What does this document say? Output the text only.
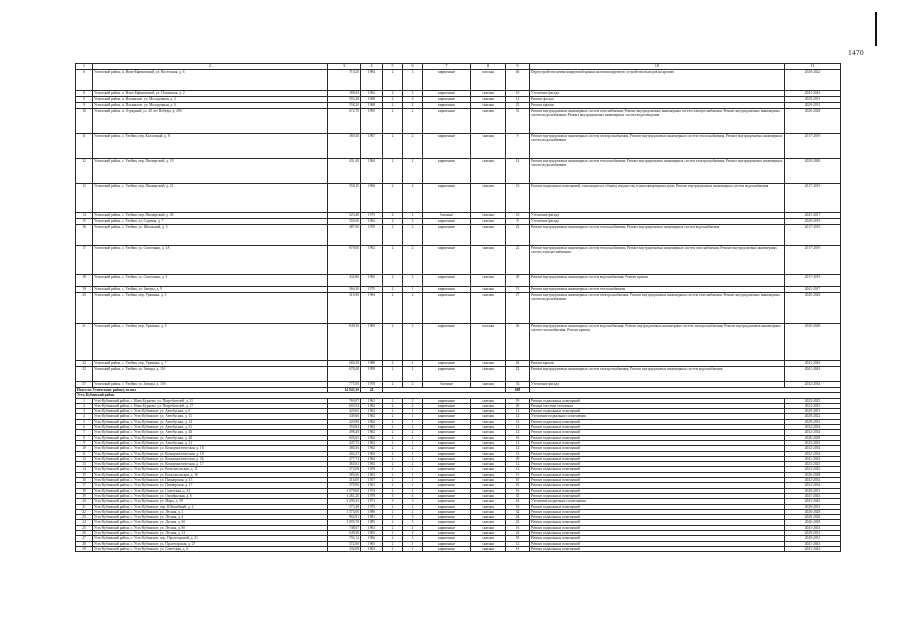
1470
1	2	3	4	5	6	7	8	9	10	11
6	Угличский район, п. Ново-Ефимовский, ул. Восточная, д. 6	710,20	1984	2	3	кирпичные	плоская	40	Переустройство невентилируемой крыши на вентилируемую, устройство выходов на кровлю	2020-2022
8	Угличский район, п. Ново-Ефимовский, ул. Полянская, д. 2	388,45	1962	2	2	кирпичные	скатная	16	Утепление фасада	2041-2043
9	Угличский район, п. Ильинское, ул. Молодежная, д. 2	593,20	1968	2	3	кирпичные	скатная	12	Ремонт фасада	2029-2031
9	Угличский район, п. Ильинское, ул. Молодежная, д. 6	558,20	1968	2	2	кирпичные	скатная	25	Ремонт крыши	2029-2031
10	Угличский район, п. Отрадный, ул. 40 лет Победы, д. 29б	672,70	1995	2	2	кирпичные	скатная	31	Ремонт внутридомовых инженерных систем газоснабжения; Ремонт внутридомовых инженерных систем электроснабжения; Ремонт внутридомовых инженерных систем водоснабжения; Ремонт внутридомовых инженерных систем водоотведения	2026-2028
11	Угличский район, с. Улейма, пер. Колхозный, д. 8	369,30	1967	2	2	кирпичные	скатная	9	Ремонт внутридомовых инженерных систем электроснабжения; Ремонт внутридомовых инженерных систем теплоснабжения; Ремонт внутридомовых инженерных систем водоснабжения	2017-2019
12	Угличский район, с. Улейма, пер. Пионерский, д. 19	431,40	1984	2	2	кирпичные	скатная	14	Ремонт внутридомовых инженерных систем теплоснабжения; Ремонт внутридомовых инженерных систем электроснабжения; Ремонт внутридомовых инженерных систем водоснабжения	2020-2040
13	Угличский район, с. Улейма, пер. Пионерский, д. 21	358,10	1966	2	2	кирпичные	скатная	10	Ремонт подвальных помещений, относящихся к общему имуществу в многоквартирном доме; Ремонт внутридомовых инженерных систем водоснабжения	2017-2019
14	Угличский район, с. Улейма, пер. Пионерский, д. 30	323,40	1975	2	1	блочные	скатная	16	Утепление фасада	2041-2017
15	Угличский район, с. Улейма, ул. Садовая, д. 7	350,50	1962	2	2	кирпичные	скатная	8	Утепление фасада	2020-2019
16	Угличский район, с. Улейма, ул. Школьный, д. 5	487,00	1970	2	2	кирпичные	скатная	22	Ремонт внутридомовых инженерных систем теплоснабжения; Ремонт внутридомовых инженерных систем водоснабжения	2017-2019
17	Угличский район, с. Улейма, ул. Спасенная, д. 1А	879,00	1962	2	2	кирпичные	скатная	22	Ремонт внутридомовых инженерных систем теплоснабжения; Ремонт внутридомовых инженерных систем газоснабжения; Ремонт внутридомовых инженерных систем электроснабжения	2017-2019
18	Угличский район, с. Улейма, ул. Спасенная, д. 3	432,80	1965	2	2	кирпичные	скатная	30	Ремонт внутридомовых инженерных систем водоснабжения; Ремонт крыши	2017-2019
19	Угличский район, с. Улейма, ул. Заводы, д. 9	366,30	1970	2	1	кирпичные	скатная	13	Ремонт внутридомовых инженерных систем теплоснабжения	2041-2017
20	Угличский район, с. Улейма, пер. Уржинка, д. 3	316,90	1984	2	2	кирпичные	скатная	27	Ремонт внутридомовых инженерных систем электроснабжения; Ремонт внутридомовых инженерных систем газоснабжения; Ремонт внутридомовых инженерных систем водоснабжения	2020-2028
21	Угличский район, с. Улейма, пер. Уржинка, д. 5	849,30	1985	2	3	кирпичные	плоская	26	Ремонт внутридомовых инженерных систем водоснабжения; Ремонт внутридомовых инженерных систем электроснабжения; Ремонт внутридомовых инженерных систем газоснабжения; Ремонт крыши	2020-2028
22	Угличский район, с. Улейма, пер. Уржинка, д. 7	684,50	1989	2	2	кирпичные	скатная	44	Ремонт крыши	2041-2043
23	Угличский район, с. Улейма, ул. Заводы, д. 11б	678,40	1999	2	2	кирпичные	скатная	22	Ремонт внутридомовых инженерных систем электроснабжения; Ремонт внутридомовых инженерных систем водоснабжения	2041-2043
37	Угличский район, с. Улейма, ул. Заводы, д. 15б	775,00	1970	2	2	блочные	скатная	33	Утепление фасада	2032-2034
Итого по Угличскому району, из них		14 845,30	24					608		
Усть-Кубинский район										
1	Усть-Кубинский район, с. Ново-Бурково, ул. Потребителей, д. 11	769,97	1961	2	2	кирпичные	скатная	19	Ремонт подвальных помещений	2023-2025
2	Усть-Кубинский район, с. Ново-Бурково, ул. Потребителей, д. 17	603,54	1962	2	2	кирпичные	скатная	20	Ремонт системы отопления	2023-2025
3	Усть-Кубинский район, с. Усть-Кубинское, ул. Автобусная, д. 6	429,65	1962	2	1	кирпичные	скатная	12	Ремонт подвальных помещений	2029-2031
4	Усть-Кубинский район, с. Усть-Кубинское, ул. Автобусная, д. 11	349,66	1962	2	1	кирпичные	скатная	12	Утепление подвального помещения	2020-2022
5	Усть-Кубинский район, с. Усть-Кубинское, ул. Автобусная, д. 14	420,99	1962	2	1	кирпичные	скатная	12	Ремонт подвальных помещений	2029-2031
6	Усть-Кубинский район, с. Усть-Кубинское, ул. Автобусная, д. 21	350,84	1963	2	2	кирпичные	скатная	12	Ремонт подвальных помещений	2032-2034
7	Усть-Кубинский район, с. Усть-Кубинское, ул. Автобусная, д. 26	498,49	1962	2	2	кирпичные	скатная	12	Ремонт подвальных помещений	2032-2034
8	Усть-Кубинский район, с. Усть-Кубинское, ул. Автобусная, д. 28	605,65	1962	2	2	кирпичные	скатная	16	Ремонт подвальных помещений	2026-2028
9	Усть-Кубинский район, с. Усть-Кубинское, ул. Автобусная, д. 31	447,75	1962	2	1	кирпичные	скатная	12	Ремонт подвальных помещений	2023-2025
10	Усть-Кубинский район, с. Усть-Кубинское, ул. Коммунистическая, д. 18	380,56	1962	2	2	кирпичные	скатная	12	Ремонт подвальных помещений	2032-2034
11	Усть-Кубинский район, с. Усть-Кубинское, ул. Коммунистическая, д. 18	402,27	1963	2	1	кирпичные	скатная	12	Ремонт подвальных помещений	2032-2034
12	Усть-Кубинский район, с. Усть-Кубинское, ул. Коммунистическая, д. 36	477,73	1964	2	2	кирпичные	скатная	20	Ремонт подвальных помещений	2041-2043
13	Усть-Кубинский район, с. Усть-Кубинское, ул. Коммунистическая, д. 17	365,63	1965	2	2	кирпичные	скатная	12	Ремонт подвальных помещений	2023-2025
14	Усть-Кубинский район, с. Усть-Кубинское, ул. Комсомольская, д. 11	372,68	1959	2	1	кирпичные	скатная	12	Ремонт подвальных помещений	2023-2025
15	Усть-Кубинский район, с. Усть-Кубинское, ул. Комсомольская, д. 16	383,66	1963	2	1	кирпичные	скатная	13	Ремонт подвальных помещений	2026-2028
16	Усть-Кубинский район, с. Усть-Кубинское, ул. Пионерская, д. 15	316,00	1957	2	1	кирпичные	скатная	10	Ремонт подвальных помещений	2032-2034
17	Усть-Кубинский район, с. Усть-Кубинское, ул. Пионерская, д. 17	379,90	1961	2	1	кирпичные	скатная	10	Ремонт подвальных помещений	2032-2034
18	Усть-Кубинский район, с. Усть-Кубинское, ул. Советская, д. 34	1 079,00	1974	2	2	кирпичные	скатная	16	Ремонт подвальных помещений	2029-2031
19	Усть-Кубинский район, с. Усть-Кубинское, ул. Октябрьская, д. 6	1 261,20	1979	3	4	кирпичные	скатная	35	Ремонт подвальных помещений	2041-2043
20	Усть-Кубинский район, с. Усть-Кубинское, ул. Мира, д. 30	1 290,33	1971	3	3	кирпичные	скатная	24	Утепление подвального помещения	2041-2043
21	Усть-Кубинский район, с. Усть-Кубинское, пер. Юбилейный, д. 2	373,49	1975	2	2	кирпичные	скатная	16	Ремонт подвальных помещений	2029-2031
22	Усть-Кубинский район, с. Усть-Кубинское, ул. Лесная, д. 2	1 373,00	1980	2	2	кирпичные	скатная	32	Ремонт подвальных помещений	2026-2028
23	Усть-Кубинский район, с. Усть-Кубинское, ул. Лесная, д. 4	962,91	1981	2	3	кирпичные	скатная	24	Ремонт подвальных помещений	2026-2028
24	Усть-Кубинский район, с. Усть-Кубинское, ул. Лесная, д. 6б	1 095,70	1985	2	3	кирпичные	скатная	24	Ремонт подвальных помещений	2026-2028
25	Усть-Кубинский район, с. Усть-Кубинское, ул. Лесная, д. 8б	748,07	1963	2	2	кирпичные	скатная	16	Ремонт подвальных помещений	2041-2043
26	Усть-Кубинский район, с. Усть-Кубинское, ул. Лесная, д. 12	648,30	1965	2	2	кирпичные	скатная	24	Ремонт подвальных помещений	2029-2031
27	Усть-Кубинский район, с. Усть-Кубинское, пер. Пролетарский, д. 21	702,12	1966	2	2	кирпичные	скатная	18	Ремонт подвальных помещений	2029-2031
28	Усть-Кубинский район, с. Усть-Кубинское, ул. Пролетарская, д. 27	372,00	1963	2	1	кирпичные	скатная	12	Ремонт подвальных помещений	2041-2043
29	Усть-Кубинский район, с. Усть-Кубинское, ул. Советская, д. 6	334,09	1963	2	1	кирпичные	скатная	14	Ремонт подвальных помещений	2041-2043
